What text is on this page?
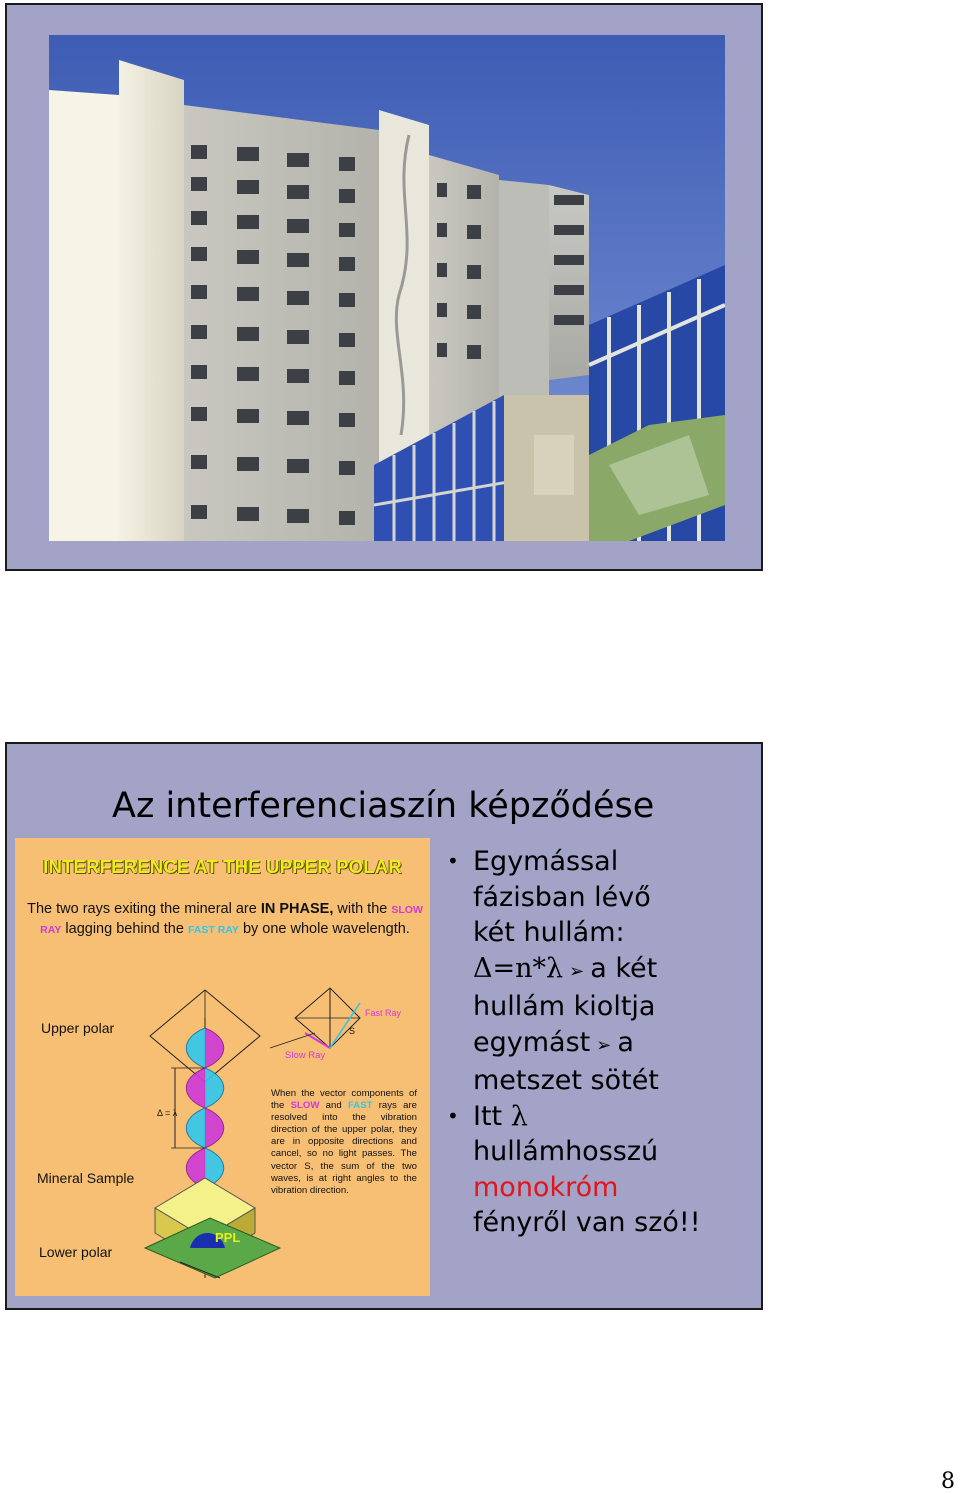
Az interferenciaszín képződése
INTERFERENCE AT THE UPPER POLAR
The two rays exiting the mineral are IN PHASE, with the SLOW RAY lagging behind the FAST RAY by one whole wavelength.
Upper polar
Mineral Sample
Lower polar
Fast Ray
Slow Ray
S
Δ = λ
PPL
When the vector components of the SLOW and FAST rays are resolved into the vibration direction of the upper polar, they are in opposite directions and cancel, so no light passes. The vector S, the sum of the two waves, is at right angles to the vibration direction.
• Egymással
fázisban lévő
két hullám:
Δ=n*λ ➢ a két
hullám kioltja
egymást ➢ a
metszet sötét
• Itt λ
hullámhosszú
monokróm
fényről van szó!!
8
